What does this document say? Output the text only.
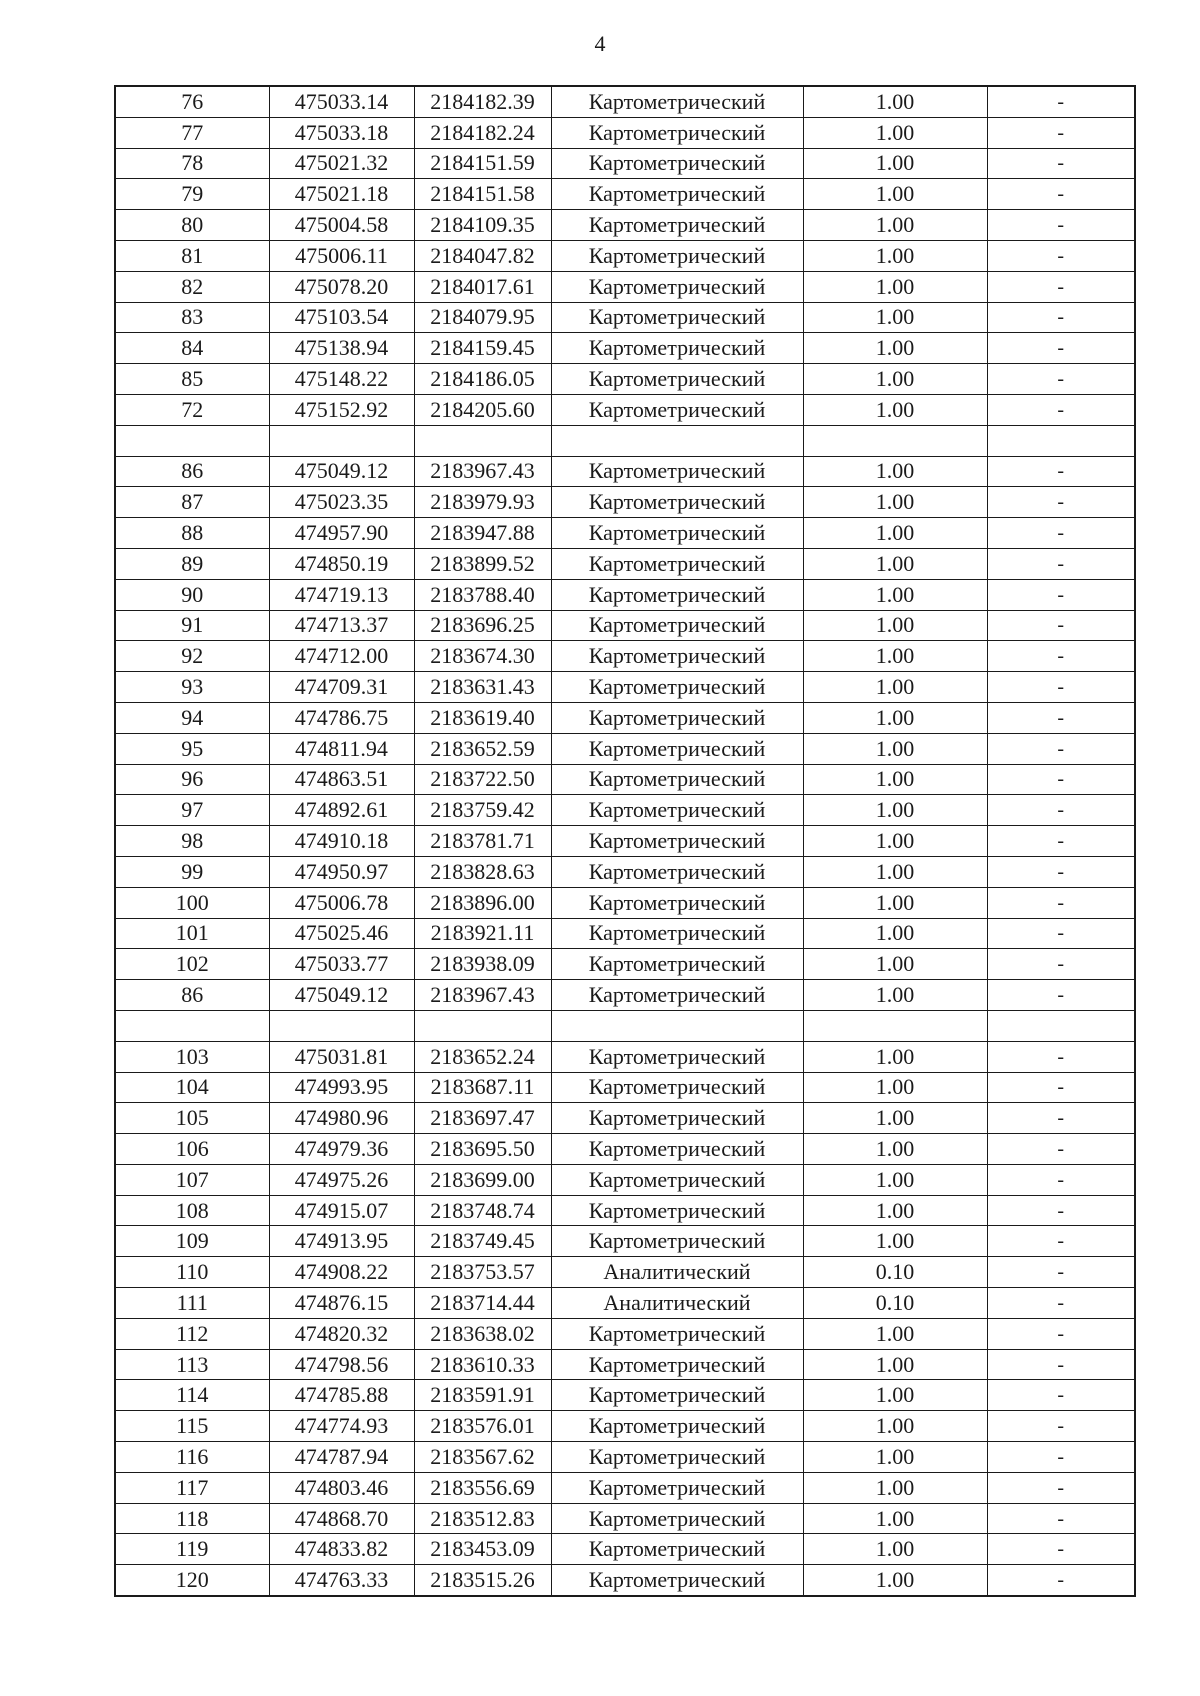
4
76	475033.14	2184182.39	Картометрический	1.00	-
77	475033.18	2184182.24	Картометрический	1.00	-
78	475021.32	2184151.59	Картометрический	1.00	-
79	475021.18	2184151.58	Картометрический	1.00	-
80	475004.58	2184109.35	Картометрический	1.00	-
81	475006.11	2184047.82	Картометрический	1.00	-
82	475078.20	2184017.61	Картометрический	1.00	-
83	475103.54	2184079.95	Картометрический	1.00	-
84	475138.94	2184159.45	Картометрический	1.00	-
85	475148.22	2184186.05	Картометрический	1.00	-
72	475152.92	2184205.60	Картометрический	1.00	-

86	475049.12	2183967.43	Картометрический	1.00	-
87	475023.35	2183979.93	Картометрический	1.00	-
88	474957.90	2183947.88	Картометрический	1.00	-
89	474850.19	2183899.52	Картометрический	1.00	-
90	474719.13	2183788.40	Картометрический	1.00	-
91	474713.37	2183696.25	Картометрический	1.00	-
92	474712.00	2183674.30	Картометрический	1.00	-
93	474709.31	2183631.43	Картометрический	1.00	-
94	474786.75	2183619.40	Картометрический	1.00	-
95	474811.94	2183652.59	Картометрический	1.00	-
96	474863.51	2183722.50	Картометрический	1.00	-
97	474892.61	2183759.42	Картометрический	1.00	-
98	474910.18	2183781.71	Картометрический	1.00	-
99	474950.97	2183828.63	Картометрический	1.00	-
100	475006.78	2183896.00	Картометрический	1.00	-
101	475025.46	2183921.11	Картометрический	1.00	-
102	475033.77	2183938.09	Картометрический	1.00	-
86	475049.12	2183967.43	Картометрический	1.00	-

103	475031.81	2183652.24	Картометрический	1.00	-
104	474993.95	2183687.11	Картометрический	1.00	-
105	474980.96	2183697.47	Картометрический	1.00	-
106	474979.36	2183695.50	Картометрический	1.00	-
107	474975.26	2183699.00	Картометрический	1.00	-
108	474915.07	2183748.74	Картометрический	1.00	-
109	474913.95	2183749.45	Картометрический	1.00	-
110	474908.22	2183753.57	Аналитический	0.10	-
111	474876.15	2183714.44	Аналитический	0.10	-
112	474820.32	2183638.02	Картометрический	1.00	-
113	474798.56	2183610.33	Картометрический	1.00	-
114	474785.88	2183591.91	Картометрический	1.00	-
115	474774.93	2183576.01	Картометрический	1.00	-
116	474787.94	2183567.62	Картометрический	1.00	-
117	474803.46	2183556.69	Картометрический	1.00	-
118	474868.70	2183512.83	Картометрический	1.00	-
119	474833.82	2183453.09	Картометрический	1.00	-
120	474763.33	2183515.26	Картометрический	1.00	-
